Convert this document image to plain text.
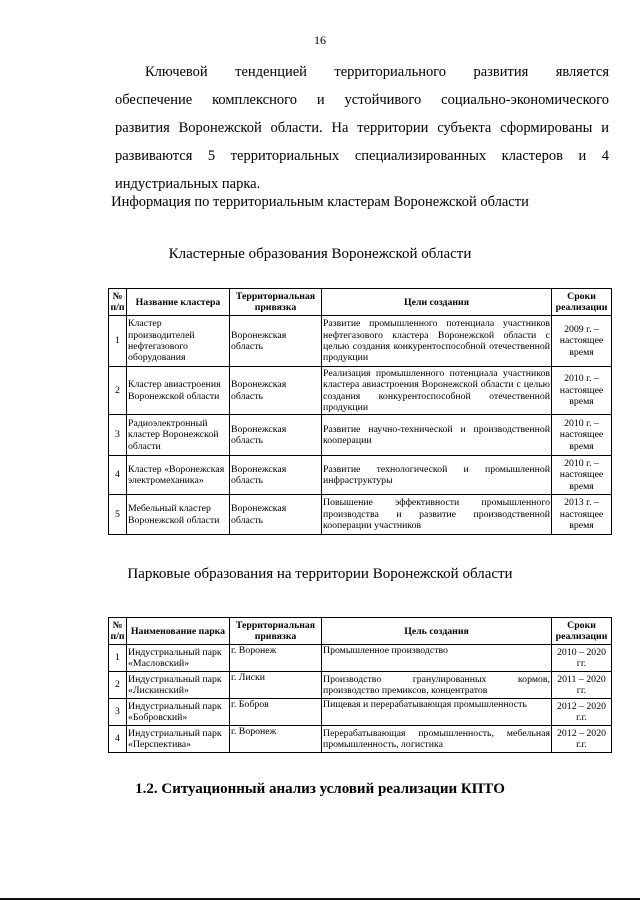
16
Ключевой тенденцией территориального развития является
обеспечение комплексного и устойчивого социально-экономического
развития Воронежской области. На территории субъекта сформированы и
развиваются 5 территориальных специализированных кластеров и 4
индустриальных парка.
Информация по территориальным кластерам Воронежской области
Кластерные образования Воронежской области
№ п/п	Название кластера	Территориальная привязка	Цели создания	Сроки реализации
1	Кластер производителей нефтегазового оборудования	Воронежская область	Развитие промышленного потенциала участников нефтегазового кластера Воронежской области с целью создания конкурентоспособной отечественной продукции	2009 г. – настоящее время
2	Кластер авиастроения Воронежской области	Воронежская область	Реализация промышленного потенциала участников кластера авиастроения Воронежской области с целью создания конкурентоспособной отечественной продукции	2010 г. – настоящее время
3	Радиоэлектронный кластер Воронежской области	Воронежская область	Развитие научно-технической и производственной кооперации	2010 г. – настоящее время
4	Кластер «Воронежская электромеханика»	Воронежская область	Развитие технологической и промышленной инфраструктуры	2010 г. – настоящее время
5	Мебельный кластер Воронежской области	Воронежская область	Повышение эффективности промышленного производства и развитие производственной кооперации участников	2013 г. – настоящее время
Парковые образования на территории Воронежской области
№ п/п	Наименование парка	Территориальная привязка	Цель создания	Сроки реализации
1	Индустриальный парк «Масловский»	г. Воронеж	Промышленное производство	2010 – 2020 гг.
2	Индустриальный парк «Лискинский»	г. Лиски	Производство гранулированных кормов, производство премиксов, концентратов	2011 – 2020 гг.
3	Индустриальный парк «Бобровский»	г. Бобров	Пищевая и перерабатывающая промышленность	2012 – 2020 г.г.
4	Индустриальный парк «Перспектива»	г. Воронеж	Перерабатывающая промышленность, мебельная промышленность, логистика	2012 – 2020 г.г.
1.2. Ситуационный анализ условий реализации КПТО
